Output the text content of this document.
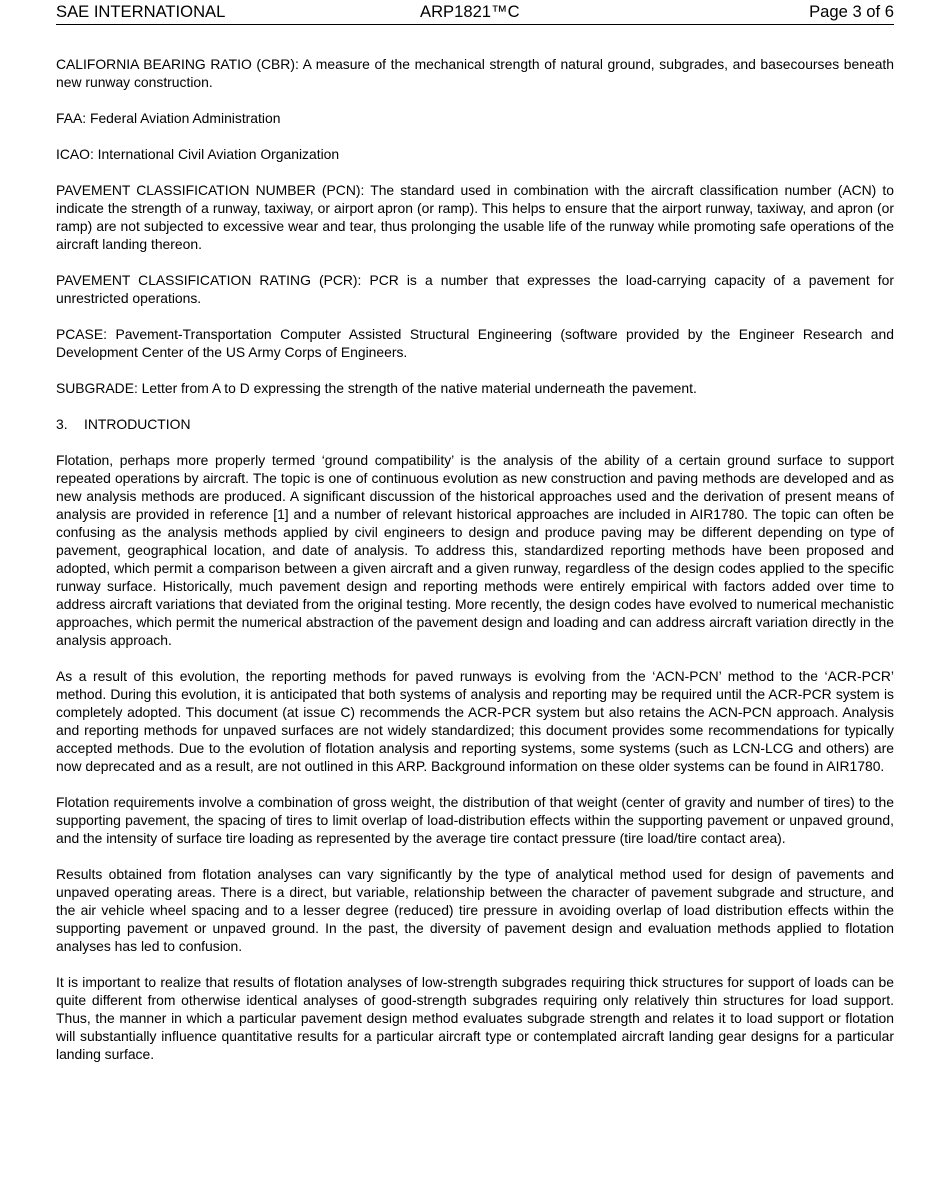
SAE INTERNATIONAL	ARP1821™C	Page 3 of 6

CALIFORNIA BEARING RATIO (CBR): A measure of the mechanical strength of natural ground, subgrades, and basecourses beneath new runway construction.

FAA: Federal Aviation Administration

ICAO: International Civil Aviation Organization

PAVEMENT CLASSIFICATION NUMBER (PCN): The standard used in combination with the aircraft classification number (ACN) to indicate the strength of a runway, taxiway, or airport apron (or ramp). This helps to ensure that the airport runway, taxiway, and apron (or ramp) are not subjected to excessive wear and tear, thus prolonging the usable life of the runway while promoting safe operations of the aircraft landing thereon.

PAVEMENT CLASSIFICATION RATING (PCR): PCR is a number that expresses the load-carrying capacity of a pavement for unrestricted operations.

PCASE: Pavement-Transportation Computer Assisted Structural Engineering (software provided by the Engineer Research and Development Center of the US Army Corps of Engineers.

SUBGRADE: Letter from A to D expressing the strength of the native material underneath the pavement.

3. INTRODUCTION

Flotation, perhaps more properly termed ‘ground compatibility’ is the analysis of the ability of a certain ground surface to support repeated operations by aircraft. The topic is one of continuous evolution as new construction and paving methods are developed and as new analysis methods are produced. A significant discussion of the historical approaches used and the derivation of present means of analysis are provided in reference [1] and a number of relevant historical approaches are included in AIR1780. The topic can often be confusing as the analysis methods applied by civil engineers to design and produce paving may be different depending on type of pavement, geographical location, and date of analysis. To address this, standardized reporting methods have been proposed and adopted, which permit a comparison between a given aircraft and a given runway, regardless of the design codes applied to the specific runway surface. Historically, much pavement design and reporting methods were entirely empirical with factors added over time to address aircraft variations that deviated from the original testing. More recently, the design codes have evolved to numerical mechanistic approaches, which permit the numerical abstraction of the pavement design and loading and can address aircraft variation directly in the analysis approach.

As a result of this evolution, the reporting methods for paved runways is evolving from the ‘ACN-PCN’ method to the ‘ACR-PCR’ method. During this evolution, it is anticipated that both systems of analysis and reporting may be required until the ACR-PCR system is completely adopted. This document (at issue C) recommends the ACR-PCR system but also retains the ACN-PCN approach. Analysis and reporting methods for unpaved surfaces are not widely standardized; this document provides some recommendations for typically accepted methods. Due to the evolution of flotation analysis and reporting systems, some systems (such as LCN-LCG and others) are now deprecated and as a result, are not outlined in this ARP. Background information on these older systems can be found in AIR1780.

Flotation requirements involve a combination of gross weight, the distribution of that weight (center of gravity and number of tires) to the supporting pavement, the spacing of tires to limit overlap of load-distribution effects within the supporting pavement or unpaved ground, and the intensity of surface tire loading as represented by the average tire contact pressure (tire load/tire contact area).

Results obtained from flotation analyses can vary significantly by the type of analytical method used for design of pavements and unpaved operating areas. There is a direct, but variable, relationship between the character of pavement subgrade and structure, and the air vehicle wheel spacing and to a lesser degree (reduced) tire pressure in avoiding overlap of load distribution effects within the supporting pavement or unpaved ground. In the past, the diversity of pavement design and evaluation methods applied to flotation analyses has led to confusion.

It is important to realize that results of flotation analyses of low-strength subgrades requiring thick structures for support of loads can be quite different from otherwise identical analyses of good-strength subgrades requiring only relatively thin structures for load support. Thus, the manner in which a particular pavement design method evaluates subgrade strength and relates it to load support or flotation will substantially influence quantitative results for a particular aircraft type or contemplated aircraft landing gear designs for a particular landing surface.
